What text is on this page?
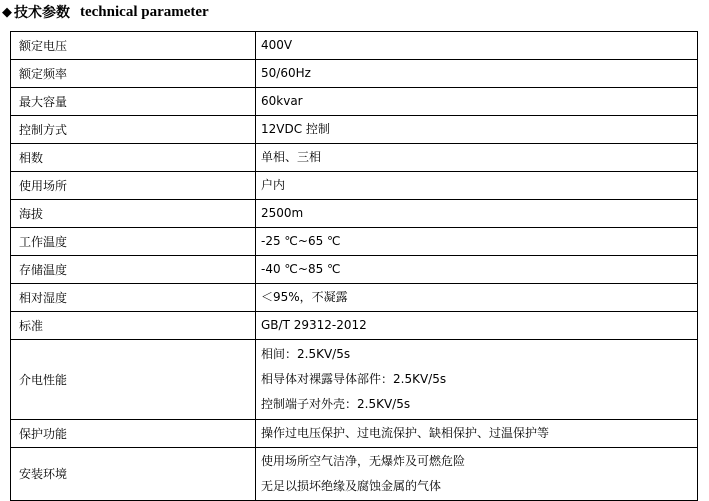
◆ 技术参数 technical parameter
额定电压	400V

额定频率	50/60Hz

最大容量	60kvar

控制方式	12VDC 控制

相数	单相、三相

使用场所	户内

海拔	2500m

工作温度	-25 ℃~65 ℃

存储温度	-40 ℃~85 ℃

相对湿度	＜95%，不凝露

标准	GB/T 29312-2012

介电性能	相间：2.5KV/5s
相导体对裸露导体部件：2.5KV/5s
控制端子对外壳：2.5KV/5s

保护功能	操作过电压保护、过电流保护、缺相保护、过温保护等

安装环境	使用场所空气洁净，无爆炸及可燃危险
无足以损坏绝缘及腐蚀金属的气体
